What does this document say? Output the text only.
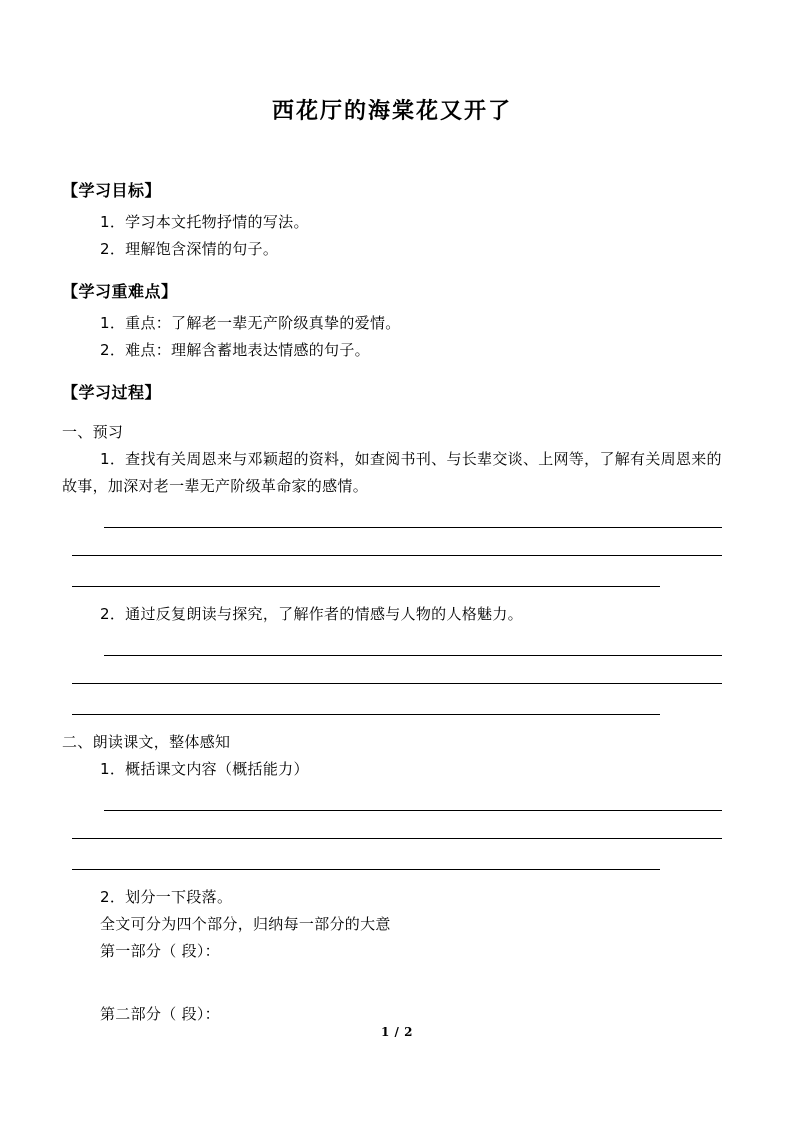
西花厅的海棠花又开了
【学习目标】
1．学习本文托物抒情的写法。
2．理解饱含深情的句子。
【学习重难点】
1．重点：了解老一辈无产阶级真挚的爱情。
2．难点：理解含蓄地表达情感的句子。
【学习过程】
一、预习
1．查找有关周恩来与邓颖超的资料，如查阅书刊、与长辈交谈、上网等，了解有关周恩来的故事，加深对老一辈无产阶级革命家的感情。
2．通过反复朗读与探究，了解作者的情感与人物的人格魅力。
二、朗读课文，整体感知
1．概括课文内容（概括能力）
2．划分一下段落。
全文可分为四个部分，归纳每一部分的大意
第一部分（ 段）：
第二部分（ 段）：
1 / 2
